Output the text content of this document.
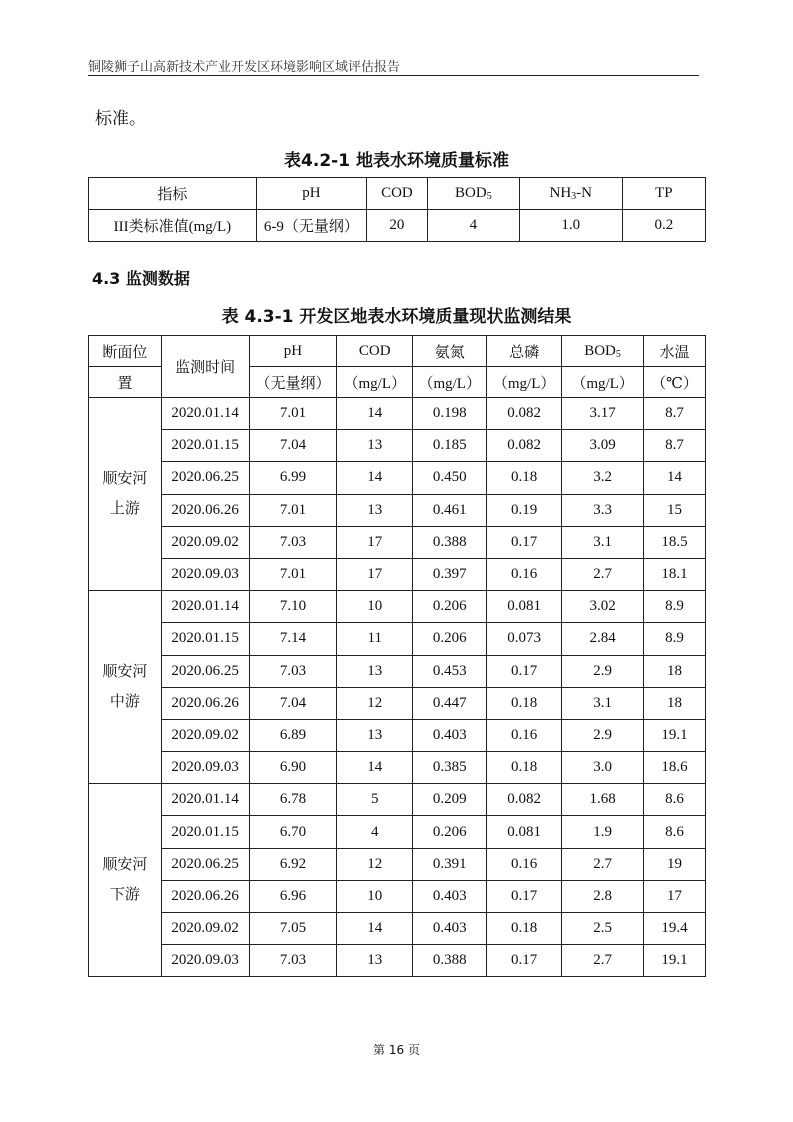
铜陵狮子山高新技术产业开发区环境影响区域评估报告
标准。
表4.2-1 地表水环境质量标准
指标	pH	COD	$BOD_5$	$NH_3-N$	TP
III类标准值(mg/L)	6-9（无量纲）	20	4	1.0	0.2
4.3 监测数据
表 4.3-1 开发区地表水环境质量现状监测结果
断面位	监测时间	pH	COD	氨氮	总磷	$BOD_5$	水温
置		（无量纲）	（mg/L）	（mg/L）	（mg/L）	（mg/L）	（℃）

顺安河
上游	2020.01.14	7.01	14	0.198	0.082	3.17	8.7
	2020.01.15	7.04	13	0.185	0.082	3.09	8.7
	2020.06.25	6.99	14	0.450	0.18	3.2	14
	2020.06.26	7.01	13	0.461	0.19	3.3	15
	2020.09.02	7.03	17	0.388	0.17	3.1	18.5
	2020.09.03	7.01	17	0.397	0.16	2.7	18.1

顺安河
中游	2020.01.14	7.10	10	0.206	0.081	3.02	8.9
	2020.01.15	7.14	11	0.206	0.073	2.84	8.9
	2020.06.25	7.03	13	0.453	0.17	2.9	18
	2020.06.26	7.04	12	0.447	0.18	3.1	18
	2020.09.02	6.89	13	0.403	0.16	2.9	19.1
	2020.09.03	6.90	14	0.385	0.18	3.0	18.6

顺安河
下游	2020.01.14	6.78	5	0.209	0.082	1.68	8.6
	2020.01.15	6.70	4	0.206	0.081	1.9	8.6
	2020.06.25	6.92	12	0.391	0.16	2.7	19
	2020.06.26	6.96	10	0.403	0.17	2.8	17
	2020.09.02	7.05	14	0.403	0.18	2.5	19.4
	2020.09.03	7.03	13	0.388	0.17	2.7	19.1
第 16 页
